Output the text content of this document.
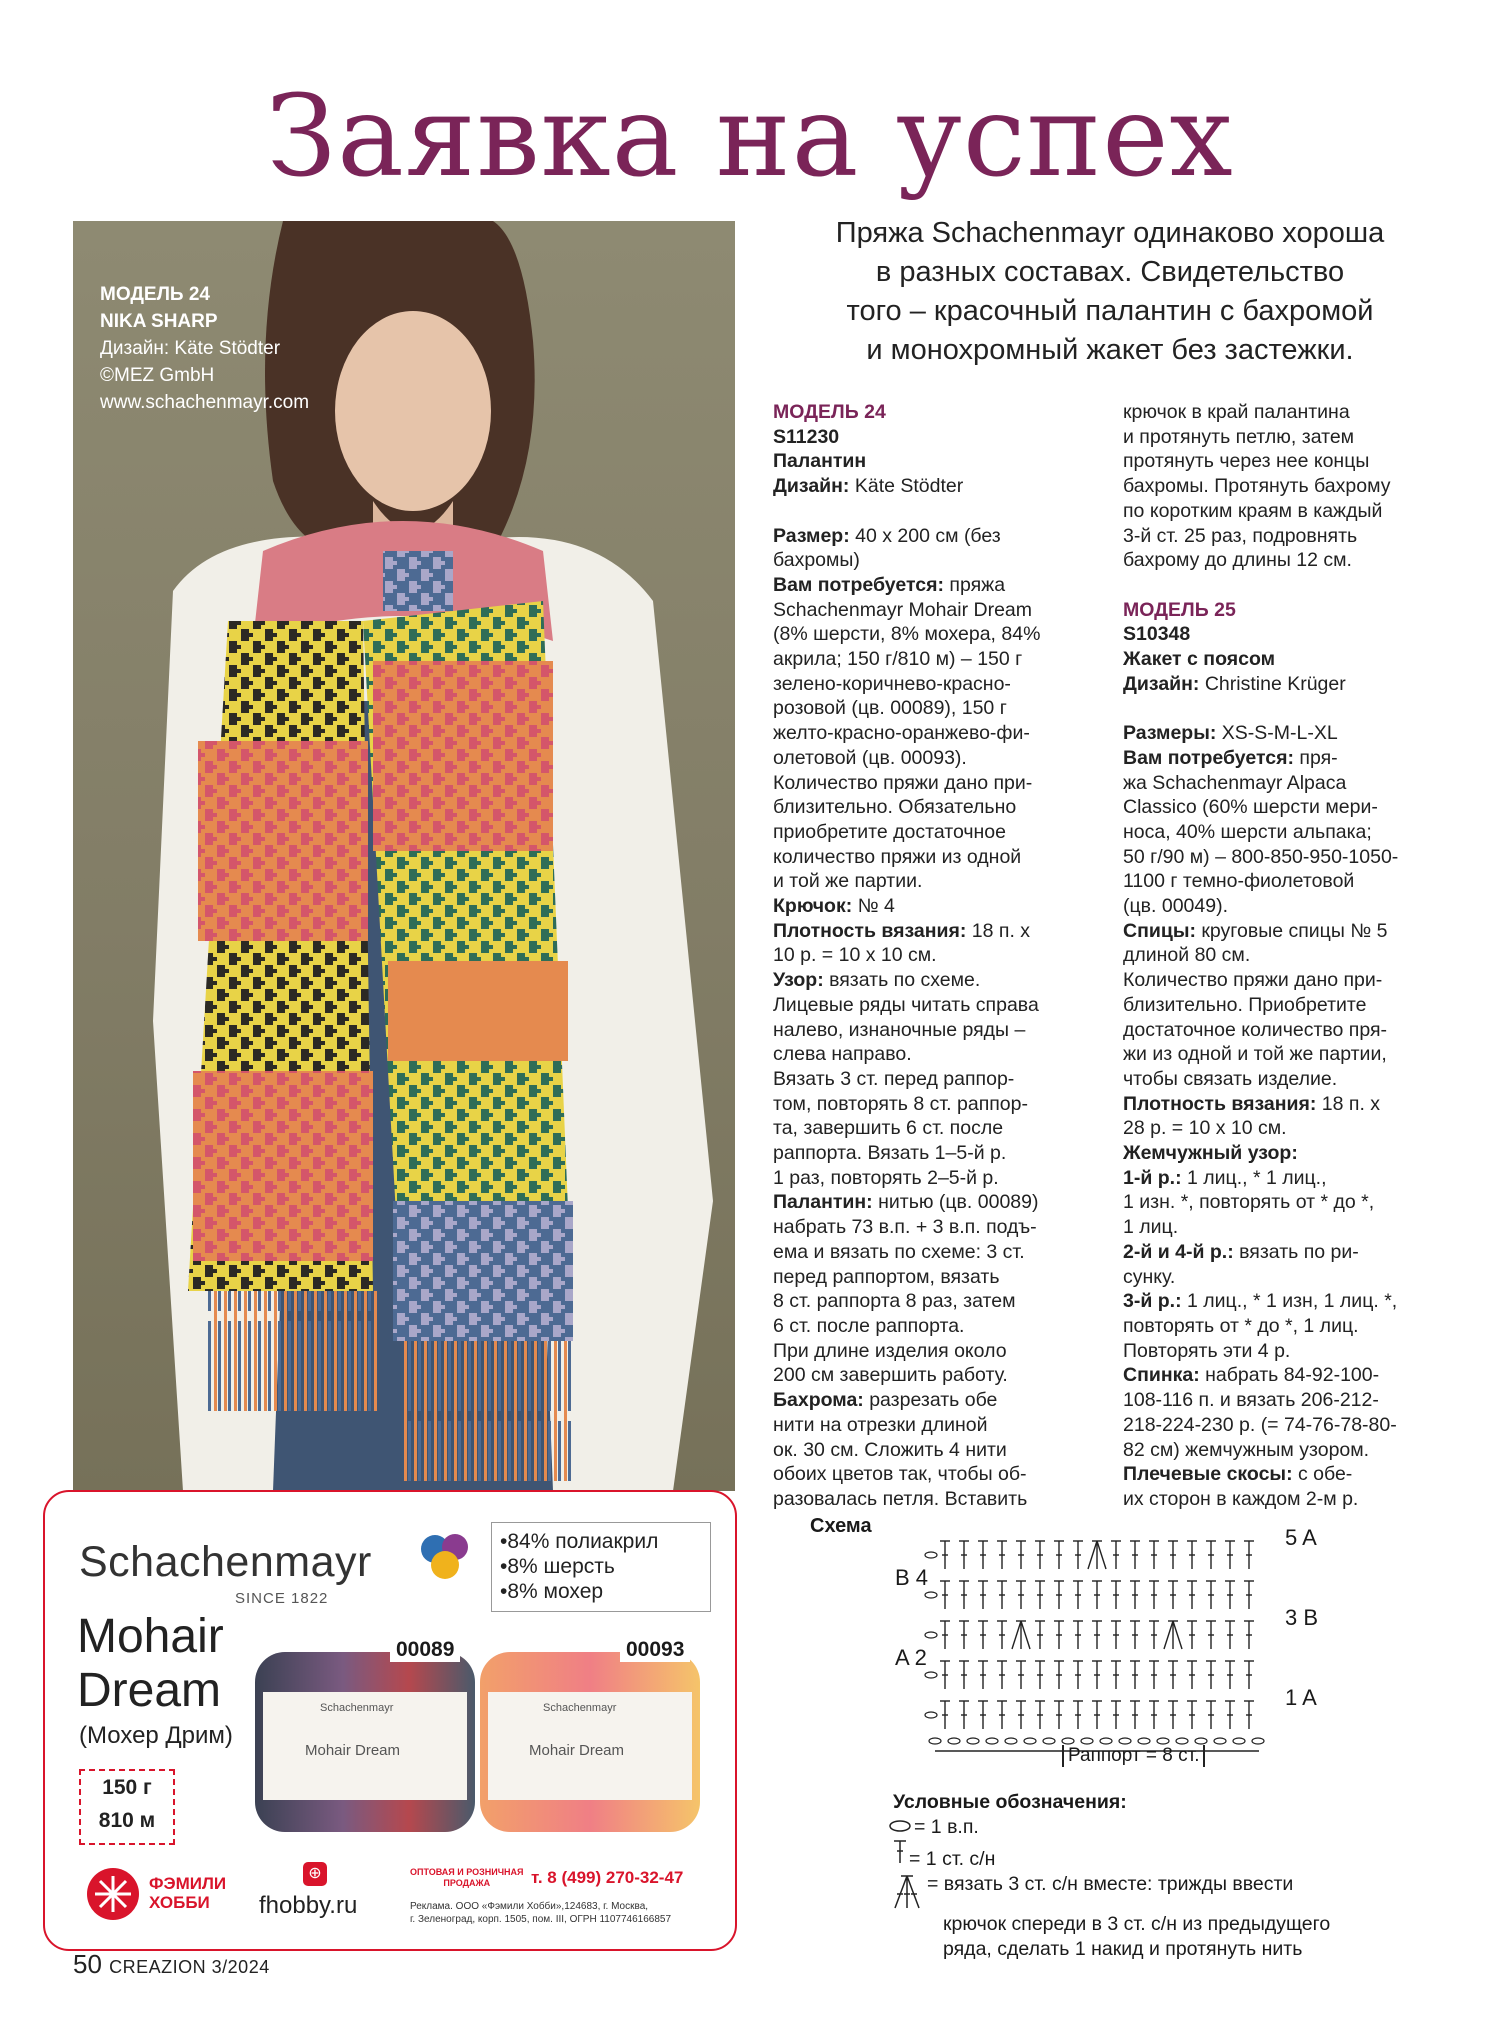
Заявка на успех
МОДЕЛЬ 24
NIKA SHARP
Дизайн: Käte Stödter
©MEZ GmbH
www.schachenmayr.com
Пряжа Schachenmayr одинаково хороша
в разных составах. Свидетельство
того – красочный палантин с бахромой
и монохромный жакет без застежки.

МОДЕЛЬ 24

S11230

Палантин

Дизайн: Käte Stödter

Размер: 40 х 200 см (без

бахромы)

Вам потребуется: пряжа

Schachenmayr Mohair Dream

(8% шерсти, 8% мохера, 84%

акрила; 150 г/810 м) – 150 г

зелено-коричнево-красно-

розовой (цв. 00089), 150 г

желто-красно-оранжево-фи-

олетовой (цв. 00093).

Количество пряжи дано при-

близительно. Обязательно

приобретите достаточное

количество пряжи из одной

и той же партии.

Крючок: № 4

Плотность вязания: 18 п. х

10 р. = 10 х 10 см.

Узор: вязать по схеме.

Лицевые ряды читать справа

налево, изнаночные ряды –

слева направо.

Вязать 3 ст. перед раппор-

том, повторять 8 ст. раппор-

та, завершить 6 ст. после

раппорта. Вязать 1–5-й р.

1 раз, повторять 2–5-й р.

Палантин: нитью (цв. 00089)

набрать 73 в.п. + 3 в.п. подъ-

ема и вязать по схеме: 3 ст.

перед раппортом, вязать

8 ст. раппорта 8 раз, затем

6 ст. после раппорта.

При длине изделия около

200 см завершить работу.

Бахрома: разрезать обе

нити на отрезки длиной

ок. 30 см. Сложить 4 нити

обоих цветов так, чтобы об-

разовалась петля. Вставить

крючок в край палантина

и протянуть петлю, затем

протянуть через нее концы

бахромы. Протянуть бахрому

по коротким краям в каждый

3-й ст. 25 раз, подровнять

бахрому до длины 12 см.

МОДЕЛЬ 25

S10348

Жакет с поясом

Дизайн: Christine Krüger

Размеры: XS-S-M-L-XL

Вам потребуется: пря-

жа Schachenmayr Alpaca

Classico (60% шерсти мери-

носа, 40% шерсти альпака;

50 г/90 м) – 800-850-950-1050-

1100 г темно-фиолетовой

(цв. 00049).

Спицы: круговые спицы № 5

длиной 80 см.

Количество пряжи дано при-

близительно. Приобретите

достаточное количество пря-

жи из одной и той же партии,

чтобы связать изделие.

Плотность вязания: 18 п. х

28 р. = 10 х 10 см.

Жемчужный узор:

1-й р.: 1 лиц., * 1 лиц.,

1 изн. *, повторять от * до *,

1 лиц.

2-й и 4-й р.: вязать по ри-

сунку.

3-й р.: 1 лиц., * 1 изн, 1 лиц. *,

повторять от * до *, 1 лиц.

Повторять эти 4 р.

Спинка: набрать 84-92-100-

108-116 п. и вязать 206-212-

218-224-230 р. (= 74-76-78-80-

82 см) жемчужным узором.

Плечевые скосы: с обе-

их сторон в каждом 2-м р.

Схема	5 A
B 4
3 B
A 2
1 A
Раппорт = 8 ст.
Условные обозначения:
= 1 в.п.
= 1 ст. с/н
= вязать 3 ст. с/н вместе: трижды ввести
крючок спереди в 3 ст. с/н из предыдущего
ряда, сделать 1 накид и протянуть нить
Schachenmayr
SINCE 1822
Mohair
Dream
(Мохер Дрим)
150 г
810 м
•84% полиакрил
•8% шерсть
•8% мохер
00089	00093
Schachenmayr
Mohair Dream
Schachenmayr
Mohair Dream
ФЭМИЛИ
ХОББИ
⊕
fhobby.ru
ОПТОВАЯ И РОЗНИЧНАЯ
ПРОДАЖА	т. 8 (499) 270-32-47
Реклама. ООО «Фэмили Хобби»,124683, г. Москва,
г. Зеленоград, корп. 1505, пом. III, ОГРН 1107746166857
50 CREAZION 3/2024
